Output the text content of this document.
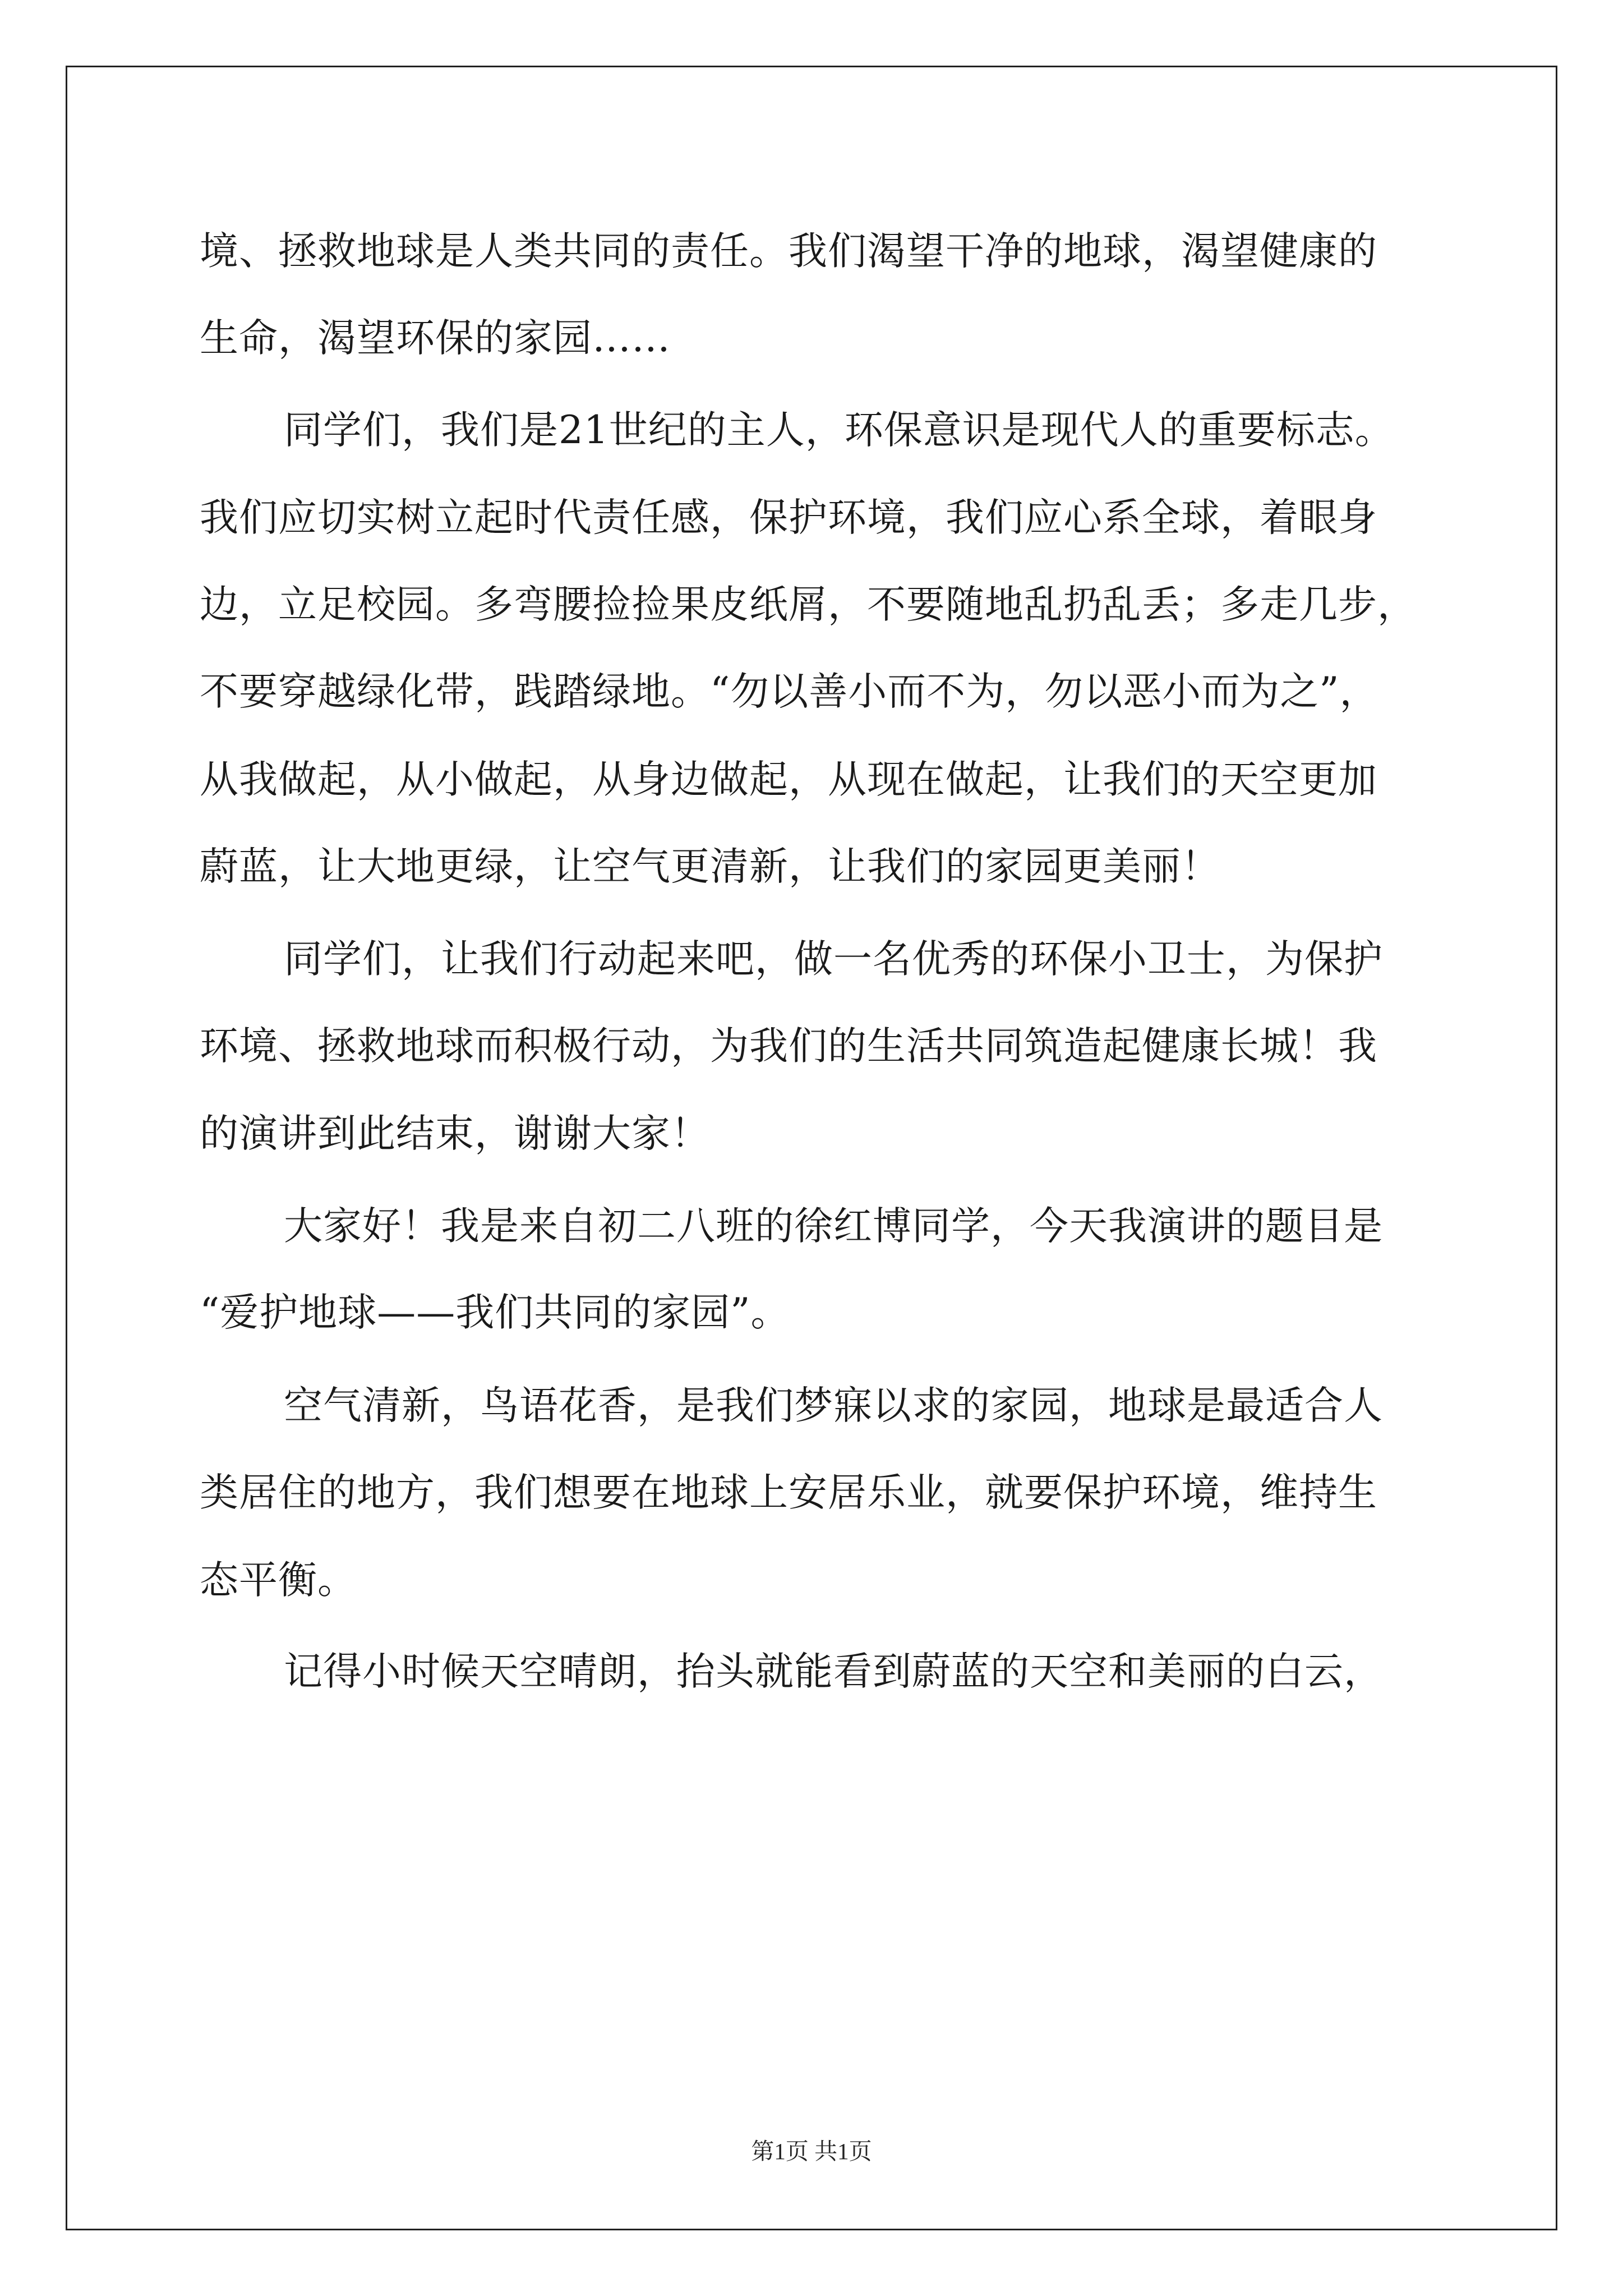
境、拯救地球是人类共同的责任。我们渴望干净的地球，渴望健康的
生命，渴望环保的家园……
同学们，我们是21世纪的主人，环保意识是现代人的重要标志。
我们应切实树立起时代责任感，保护环境，我们应心系全球，着眼身
边，立足校园。多弯腰捡捡果皮纸屑，不要随地乱扔乱丢；多走几步，
不要穿越绿化带，践踏绿地。“勿以善小而不为，勿以恶小而为之”，
从我做起，从小做起，从身边做起，从现在做起，让我们的天空更加
蔚蓝，让大地更绿，让空气更清新，让我们的家园更美丽！
同学们，让我们行动起来吧，做一名优秀的环保小卫士，为保护
环境、拯救地球而积极行动，为我们的生活共同筑造起健康长城！我
的演讲到此结束，谢谢大家！
大家好！我是来自初二八班的徐红博同学，今天我演讲的题目是
“爱护地球——我们共同的家园”。
空气清新，鸟语花香，是我们梦寐以求的家园，地球是最适合人
类居住的地方，我们想要在地球上安居乐业，就要保护环境，维持生
态平衡。
记得小时候天空晴朗，抬头就能看到蔚蓝的天空和美丽的白云，
第1页 共1页
